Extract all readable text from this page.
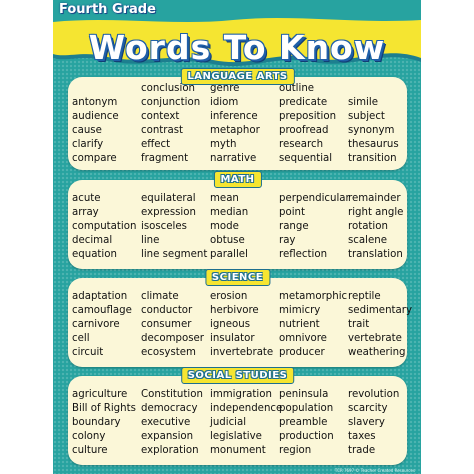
Fourth Grade
Words To Know
LANGUAGE ARTS
antonym
audience
cause
clarify
compare
conclusion
conjunction
context
contrast
effect
fragment
genre
idiom
inference
metaphor
myth
narrative
outline
predicate
preposition
proofread
research
sequential
simile
subject
synonym
thesaurus
transition
MATH
acute
array
computation
decimal
equation
equilateral
expression
isosceles
line
line segment
mean
median
mode
obtuse
parallel
perpendicular
point
range
ray
reflection
remainder
right angle
rotation
scalene
translation
SCIENCE
adaptation
camouflage
carnivore
cell
circuit
climate
conductor
consumer
decomposer
ecosystem
erosion
herbivore
igneous
insulator
invertebrate
metamorphic
mimicry
nutrient
omnivore
producer
reptile
sedimentary
trait
vertebrate
weathering
SOCIAL STUDIES
agriculture
Bill of Rights
boundary
colony
culture
Constitution
democracy
executive
expansion
exploration
immigration
independence
judicial
legislative
monument
peninsula
population
preamble
production
region
revolution
scarcity
slavery
taxes
trade
TCR 7697 © Teacher Created Resources
